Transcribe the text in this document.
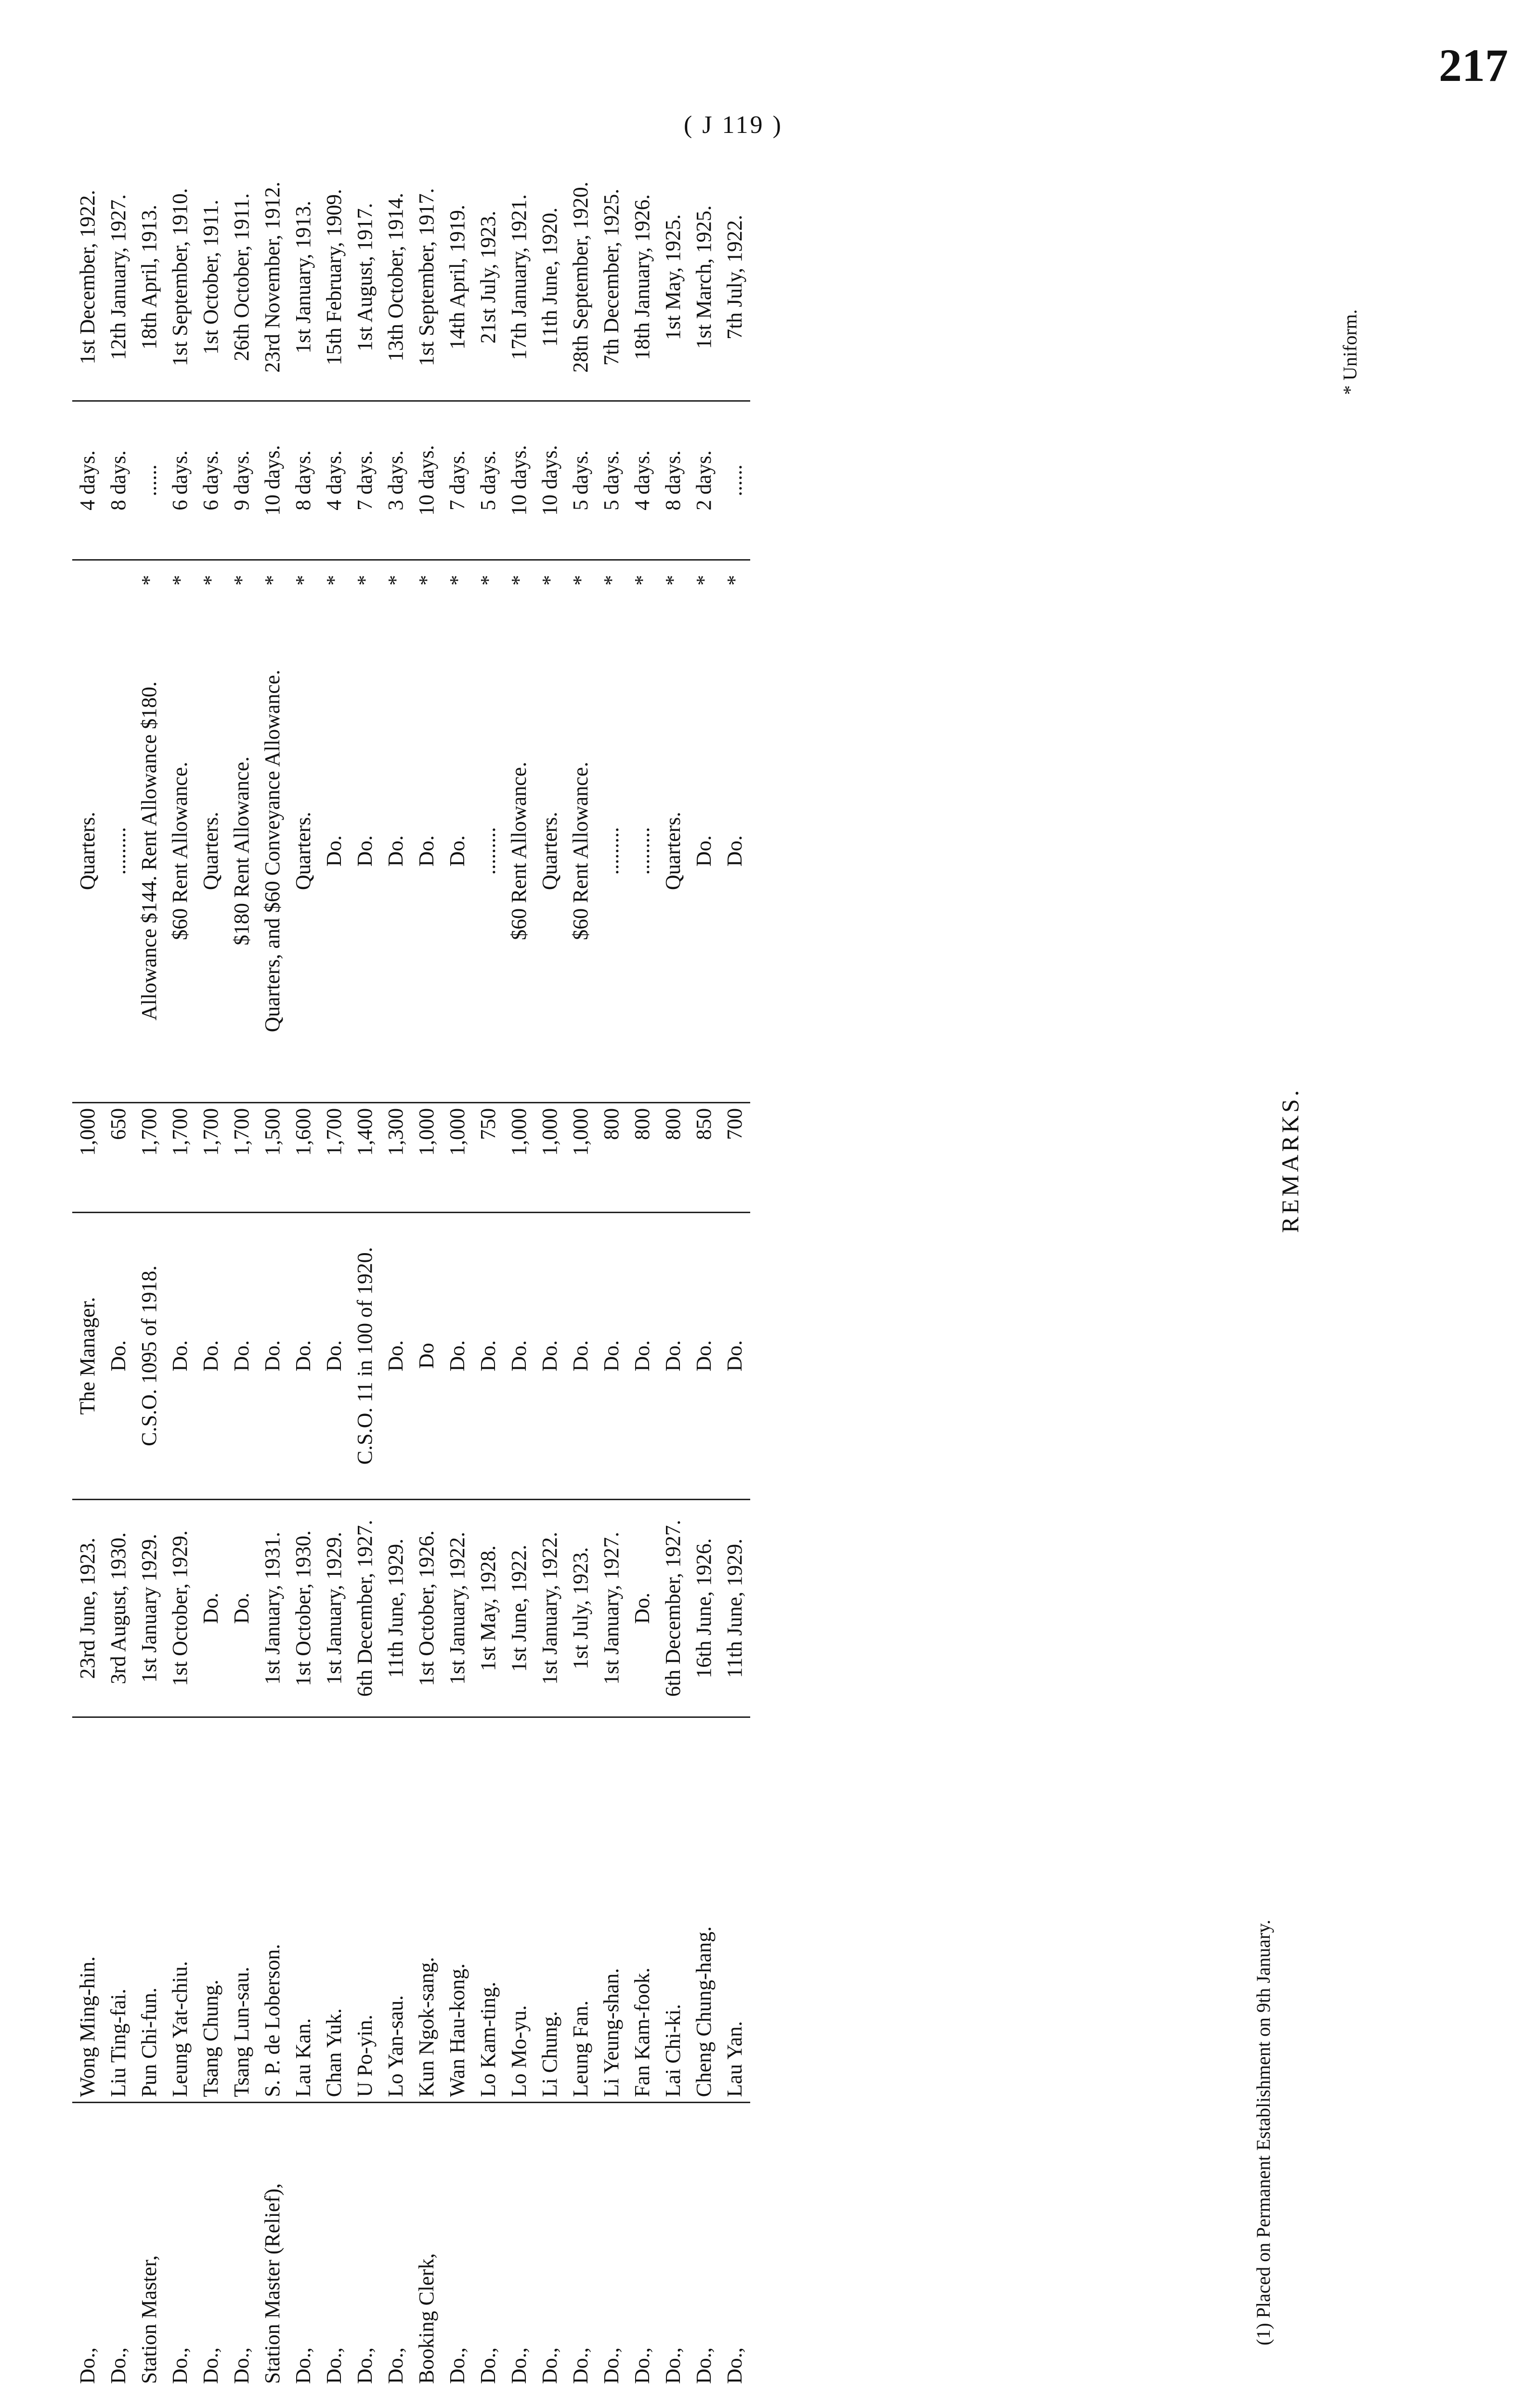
217
( J 119 )
Do.,	Wong Ming-hin.	23rd June, 1923.	The Manager.	1,000	Quarters.		4 days.	1st December, 1922.
Do.,	Liu Ting-fai.	3rd August, 1930.	Do.	650	.........		8 days.	12th January, 1927.
Station Master,	Pun Chi-fun.	1st January 1929.	C.S.O. 1095 of 1918.	1,700	Allowance $144. Rent Allowance $180.	*	......	18th April, 1913.
Do.,	Leung Yat-chiu.	1st October, 1929.	Do.	1,700	$60 Rent Allowance.	*	6 days.	1st September, 1910.
Do.,	Tsang Chung.	Do.	Do.	1,700	Quarters.	*	6 days.	1st October, 1911.
Do.,	Tsang Lun-sau.	Do.	Do.	1,700	$180 Rent Allowance.	*	9 days.	26th October, 1911.
Station Master (Relief),	S. P. de Loberson.	1st January, 1931.	Do.	1,500	Quarters, and $60 Conveyance Allowance.	*	10 days.	23rd November, 1912.
Do.,	Lau Kan.	1st October, 1930.	Do.	1,600	Quarters.	*	8 days.	1st January, 1913.
Do.,	Chan Yuk.	1st January, 1929.	Do.	1,700	Do.	*	4 days.	15th February, 1909.
Do.,	U Po-yin.	6th December, 1927.	C.S.O. 11 in 100 of 1920.	1,400	Do.	*	7 days.	1st August, 1917.
Do.,	Lo Yan-sau.	11th June, 1929.	Do.	1,300	Do.	*	3 days.	13th October, 1914.
Booking Clerk,	Kun Ngok-sang.	1st October, 1926.	Do	1,000	Do.	*	10 days.	1st September, 1917.
Do.,	Wan Hau-kong.	1st January, 1922.	Do.	1,000	Do.	*	7 days.	14th April, 1919.
Do.,	Lo Kam-ting.	1st May, 1928.	Do.	750	.........	*	5 days.	21st July, 1923.
Do.,	Lo Mo-yu.	1st June, 1922.	Do.	1,000	$60 Rent Allowance.	*	10 days.	17th January, 1921.
Do.,	Li Chung.	1st January, 1922.	Do.	1,000	Quarters.	*	10 days.	11th June, 1920.
Do.,	Leung Fan.	1st July, 1923.	Do.	1,000	$60 Rent Allowance.	*	5 days.	28th September, 1920.
Do.,	Li Yeung-shan.	1st January, 1927.	Do.	800	.........	*	5 days.	7th December, 1925.
Do.,	Fan Kam-fook.	Do.	Do.	800	.........	*	4 days.	18th January, 1926.
Do.,	Lai Chi-ki.	6th December, 1927.	Do.	800	Quarters.	*	8 days.	1st May, 1925.
Do.,	Cheng Chung-hang.	16th June, 1926.	Do.	850	Do.	*	2 days.	1st March, 1925.
Do.,	Lau Yan.	11th June, 1929.	Do.	700	Do.	*	......	7th July, 1922.
REMARKS.
(1) Placed on Permanent Establishment on 9th January.
* Uniform.
